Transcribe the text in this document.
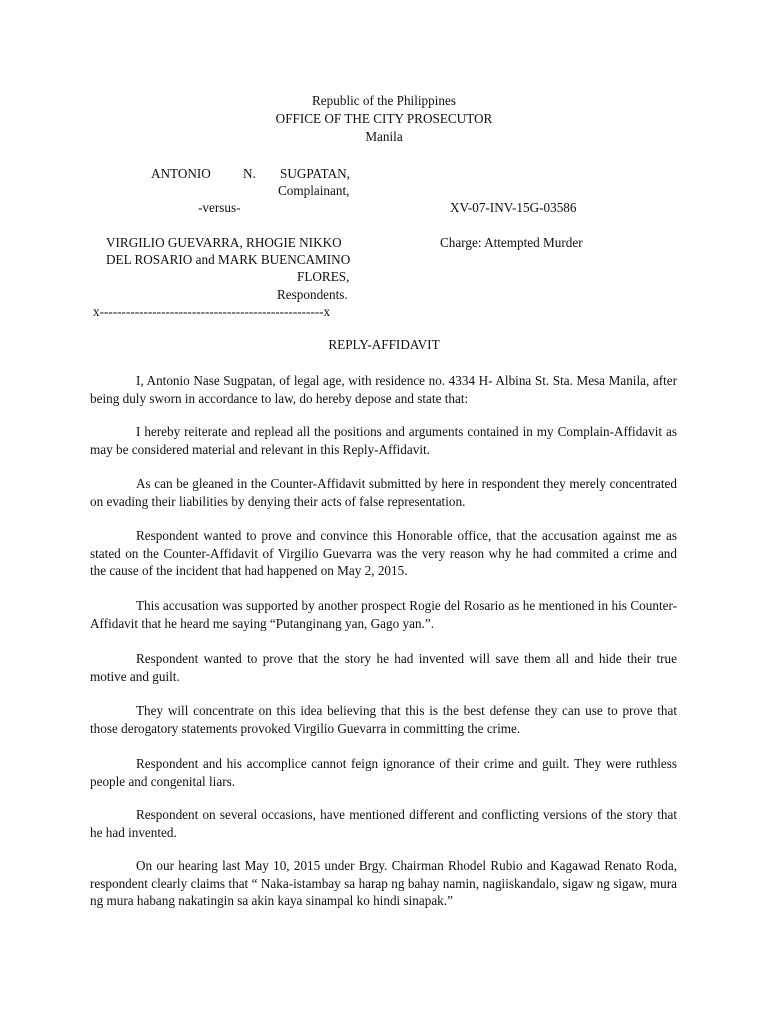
Republic of the Philippines
OFFICE OF THE CITY PROSECUTOR
Manila
ANTONIO N. SUGPATAN,
Complainant,
-versus-	XV-07-INV-15G-03586
VIRGILIO GUEVARRA, RHOGIE NIKKO	Charge: Attempted Murder
DEL ROSARIO and MARK BUENCAMINO
FLORES,
Respondents.
x---------------------------------------------------x
REPLY-AFFIDAVIT

I, Antonio Nase Sugpatan, of legal age, with residence no. 4334 H- Albina St. Sta. Mesa Manila, after being duly sworn in accordance to law, do hereby depose and state that:

I hereby reiterate and replead all the positions and arguments contained in my Complain-Affidavit as may be considered material and relevant in this Reply-Affidavit.

As can be gleaned in the Counter-Affidavit submitted by here in respondent they merely concentrated on evading their liabilities by denying their acts of false representation.

Respondent wanted to prove and convince this Honorable office, that the accusation against me as stated on the Counter-Affidavit of Virgilio Guevarra was the very reason why he had commited a crime and the cause of the incident that had happened on May 2, 2015.

This accusation was supported by another prospect Rogie del Rosario as he mentioned in his Counter-Affidavit that he heard me saying “Putanginang yan, Gago yan.”.

Respondent wanted to prove that the story he had invented will save them all and hide their true motive and guilt.

They will concentrate on this idea believing that this is the best defense they can use to prove that those derogatory statements provoked Virgilio Guevarra in committing the crime.

Respondent and his accomplice cannot feign ignorance of their crime and guilt. They were ruthless people and congenital liars.

Respondent on several occasions, have mentioned different and conflicting versions of the story that he had invented.

On our hearing last May 10, 2015 under Brgy. Chairman Rhodel Rubio and Kagawad Renato Roda, respondent clearly claims that “ Naka-istambay sa harap ng bahay namin, nagiiskandalo, sigaw ng sigaw, mura ng mura habang nakatingin sa akin kaya sinampal ko hindi sinapak.”
